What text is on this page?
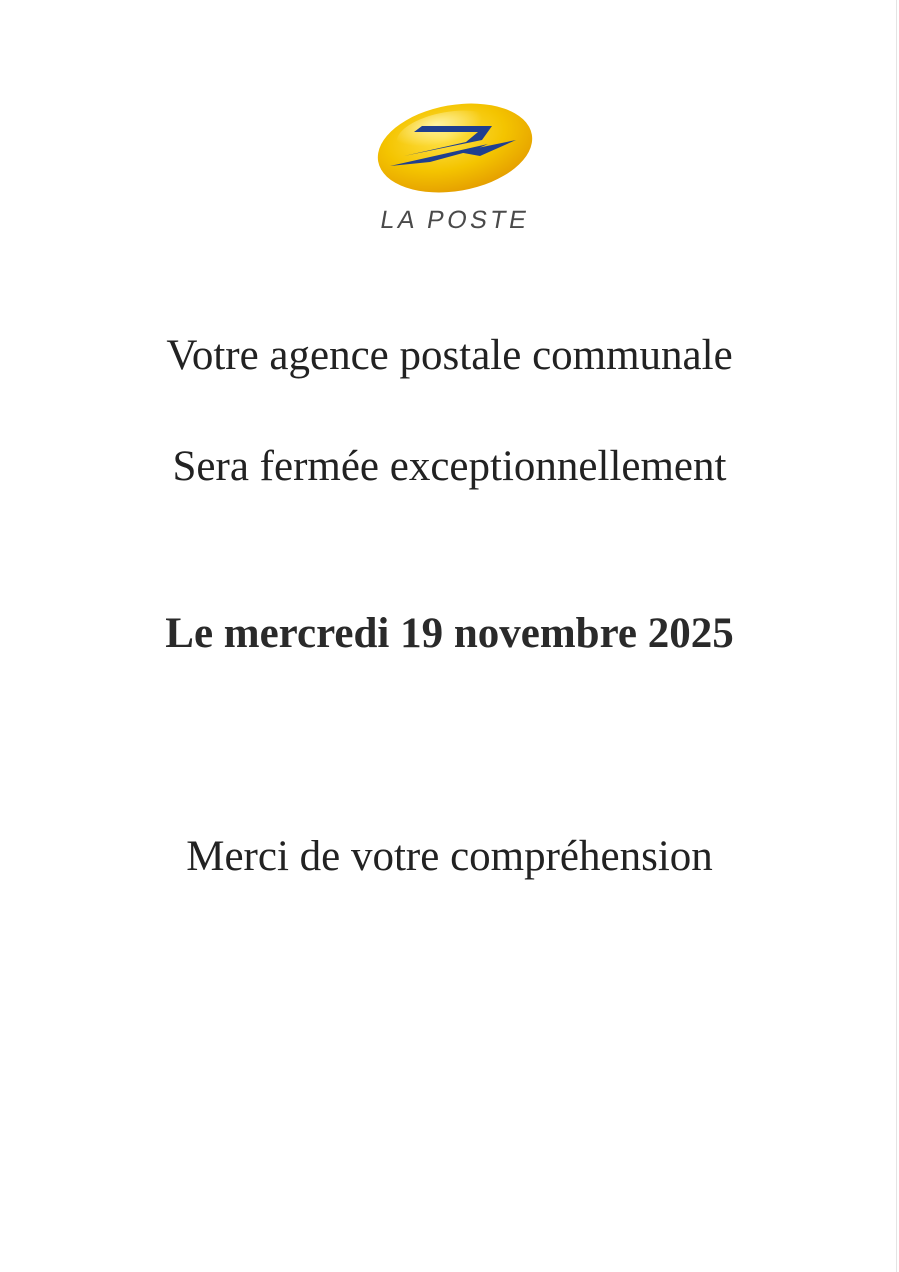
LA POSTE
Votre agence postale communale
Sera fermée exceptionnellement
Le mercredi 19 novembre 2025
Merci de votre compréhension
